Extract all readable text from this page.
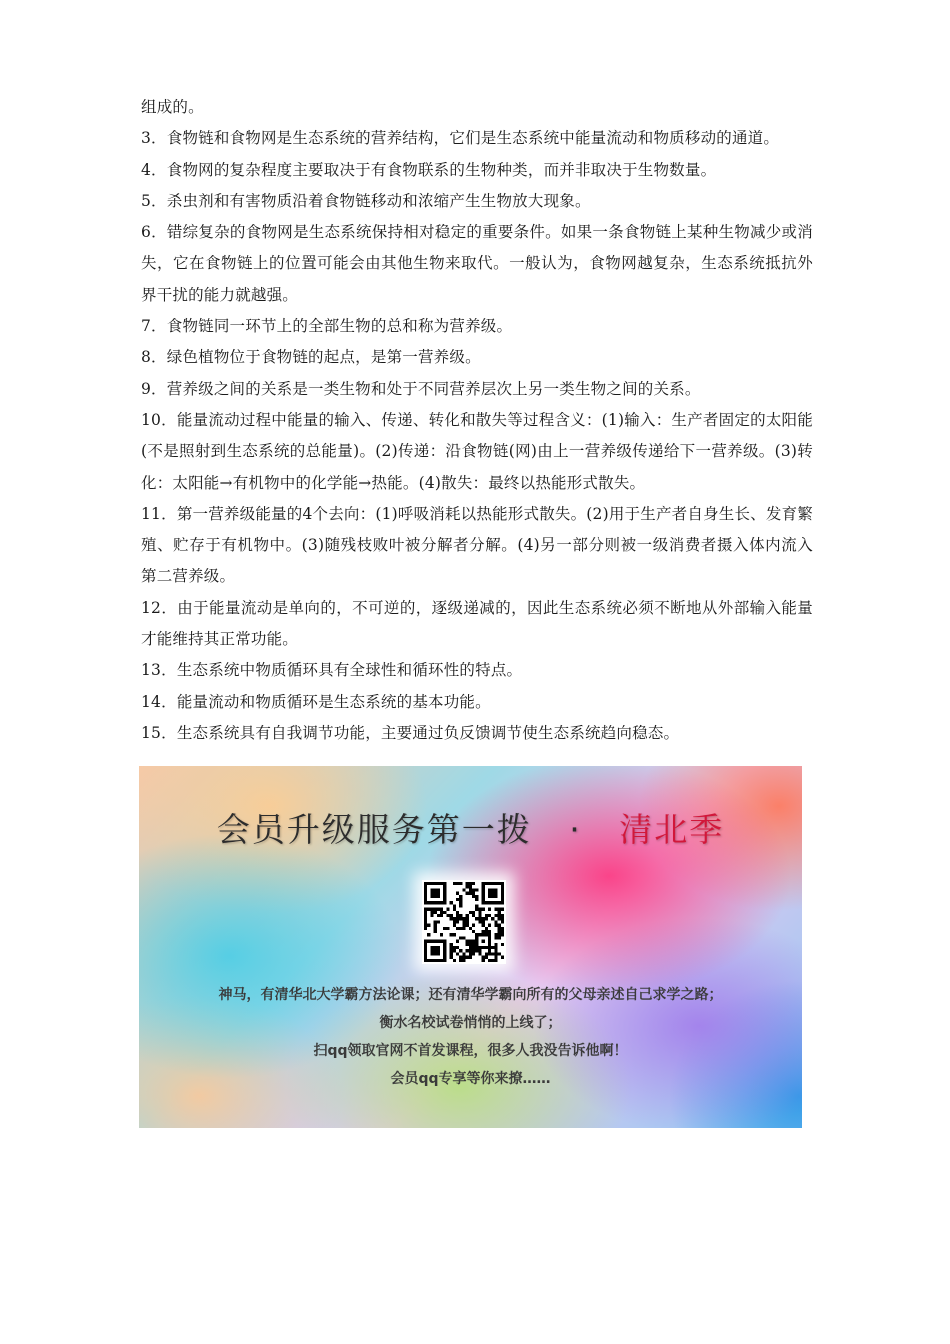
组成的。

3．食物链和食物网是生态系统的营养结构，它们是生态系统中能量流动和物质移动的通道。

4．食物网的复杂程度主要取决于有食物联系的生物种类，而并非取决于生物数量。

5．杀虫剂和有害物质沿着食物链移动和浓缩产生生物放大现象。

6．错综复杂的食物网是生态系统保持相对稳定的重要条件。如果一条食物链上某种生物减少或消失，它在食物链上的位置可能会由其他生物来取代。一般认为，食物网越复杂，生态系统抵抗外界干扰的能力就越强。

7．食物链同一环节上的全部生物的总和称为营养级。

8．绿色植物位于食物链的起点，是第一营养级。

9．营养级之间的关系是一类生物和处于不同营养层次上另一类生物之间的关系。

10．能量流动过程中能量的输入、传递、转化和散失等过程含义：(1)输入：生产者固定的太阳能(不是照射到生态系统的总能量)。(2)传递：沿食物链(网)由上一营养级传递给下一营养级。(3)转化：太阳能→有机物中的化学能→热能。(4)散失：最终以热能形式散失。

11．第一营养级能量的4个去向：(1)呼吸消耗以热能形式散失。(2)用于生产者自身生长、发育繁殖、贮存于有机物中。(3)随残枝败叶被分解者分解。(4)另一部分则被一级消费者摄入体内流入第二营养级。

12．由于能量流动是单向的，不可逆的，逐级递减的，因此生态系统必须不断地从外部输入能量才能维持其正常功能。

13．生态系统中物质循环具有全球性和循环性的特点。

14．能量流动和物质循环是生态系统的基本功能。

15．生态系统具有自我调节功能，主要通过负反馈调节使生态系统趋向稳态。

会员升级服务第一拨 · 清北季
神马，有清华北大学霸方法论课；还有清华学霸向所有的父母亲述自己求学之路；
衡水名校试卷悄悄的上线了；
扫qq领取官网不首发课程，很多人我没告诉他啊！
会员qq专享等你来撩……
